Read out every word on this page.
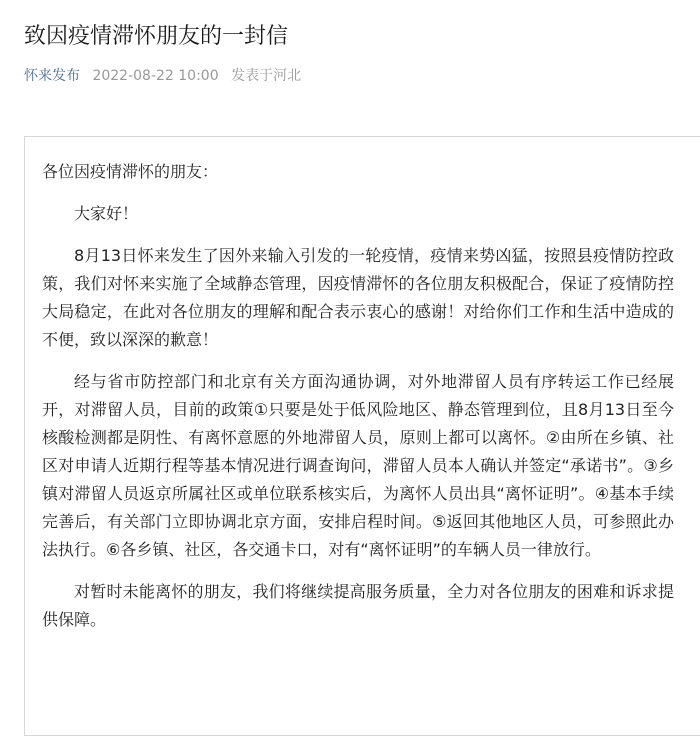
致因疫情滞怀朋友的一封信
怀来发布 2022-08-22 10:00 发表于河北

各位因疫情滞怀的朋友：

大家好！

8月13日怀来发生了因外来输入引发的一轮疫情，疫情来势凶猛，按照县疫情防控政策，我们对怀来实施了全域静态管理，因疫情滞怀的各位朋友积极配合，保证了疫情防控大局稳定，在此对各位朋友的理解和配合表示衷心的感谢！对给你们工作和生活中造成的不便，致以深深的歉意！

经与省市防控部门和北京有关方面沟通协调，对外地滞留人员有序转运工作已经展开，对滞留人员，目前的政策①只要是处于低风险地区、静态管理到位，且8月13日至今核酸检测都是阴性、有离怀意愿的外地滞留人员，原则上都可以离怀。②由所在乡镇、社区对申请人近期行程等基本情况进行调查询问，滞留人员本人确认并签定“承诺书”。③乡镇对滞留人员返京所属社区或单位联系核实后，为离怀人员出具“离怀证明”。④基本手续完善后，有关部门立即协调北京方面，安排启程时间。⑤返回其他地区人员，可参照此办法执行。⑥各乡镇、社区，各交通卡口，对有“离怀证明”的车辆人员一律放行。

对暂时未能离怀的朋友，我们将继续提高服务质量，全力对各位朋友的困难和诉求提供保障。
